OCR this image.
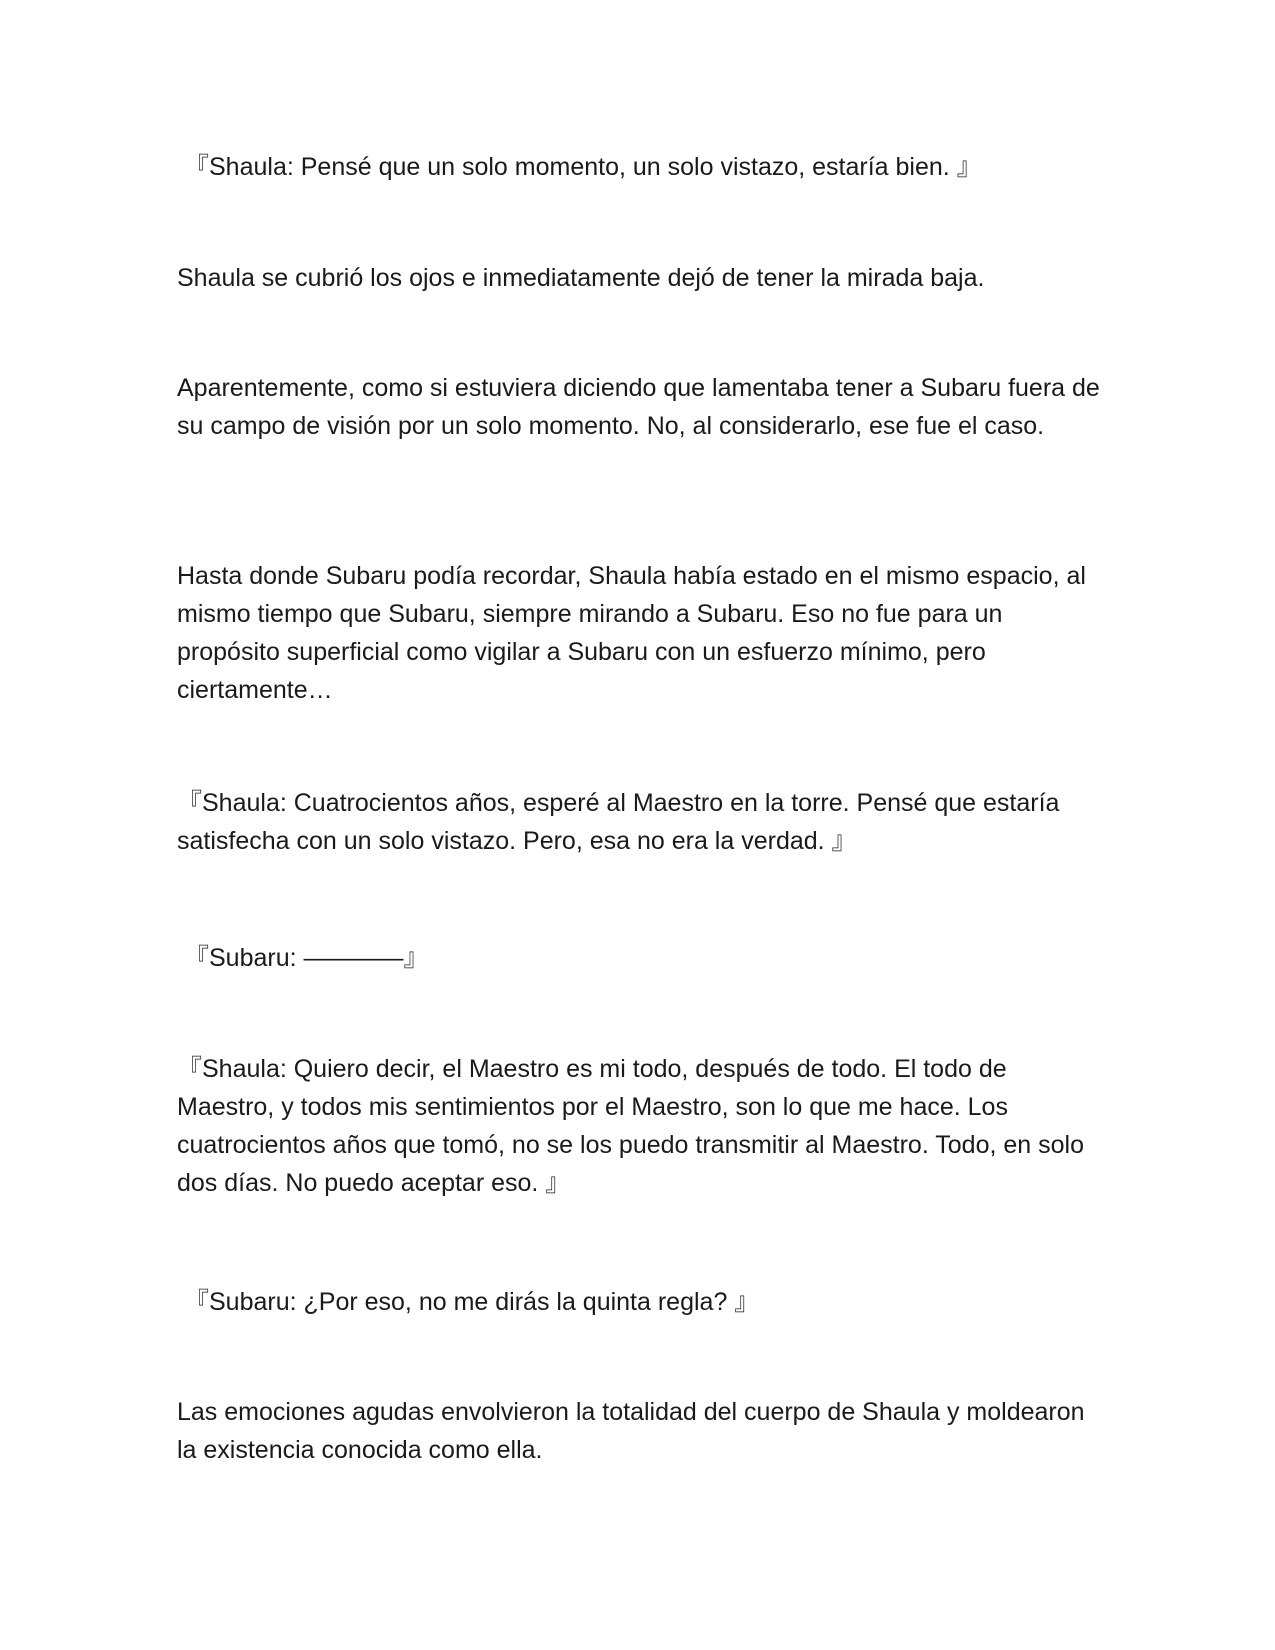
『Shaula: Pensé que un solo momento, un solo vistazo, estaría bien. 』

Shaula se cubrió los ojos e inmediatamente dejó de tener la mirada baja.

Aparentemente, como si estuviera diciendo que lamentaba tener a Subaru fuera de su campo de visión por un solo momento. No, al considerarlo, ese fue el caso.

Hasta donde Subaru podía recordar, Shaula había estado en el mismo espacio, al mismo tiempo que Subaru, siempre mirando a Subaru. Eso no fue para un propósito superficial como vigilar a Subaru con un esfuerzo mínimo, pero ciertamente…

『Shaula: Cuatrocientos años, esperé al Maestro en la torre. Pensé que estaría satisfecha con un solo vistazo. Pero, esa no era la verdad. 』

『Subaru: ————』

『Shaula: Quiero decir, el Maestro es mi todo, después de todo. El todo de Maestro, y todos mis sentimientos por el Maestro, son lo que me hace. Los cuatrocientos años que tomó, no se los puedo transmitir al Maestro. Todo, en solo dos días. No puedo aceptar eso. 』

『Subaru: ¿Por eso, no me dirás la quinta regla? 』

Las emociones agudas envolvieron la totalidad del cuerpo de Shaula y moldearon la existencia conocida como ella.
